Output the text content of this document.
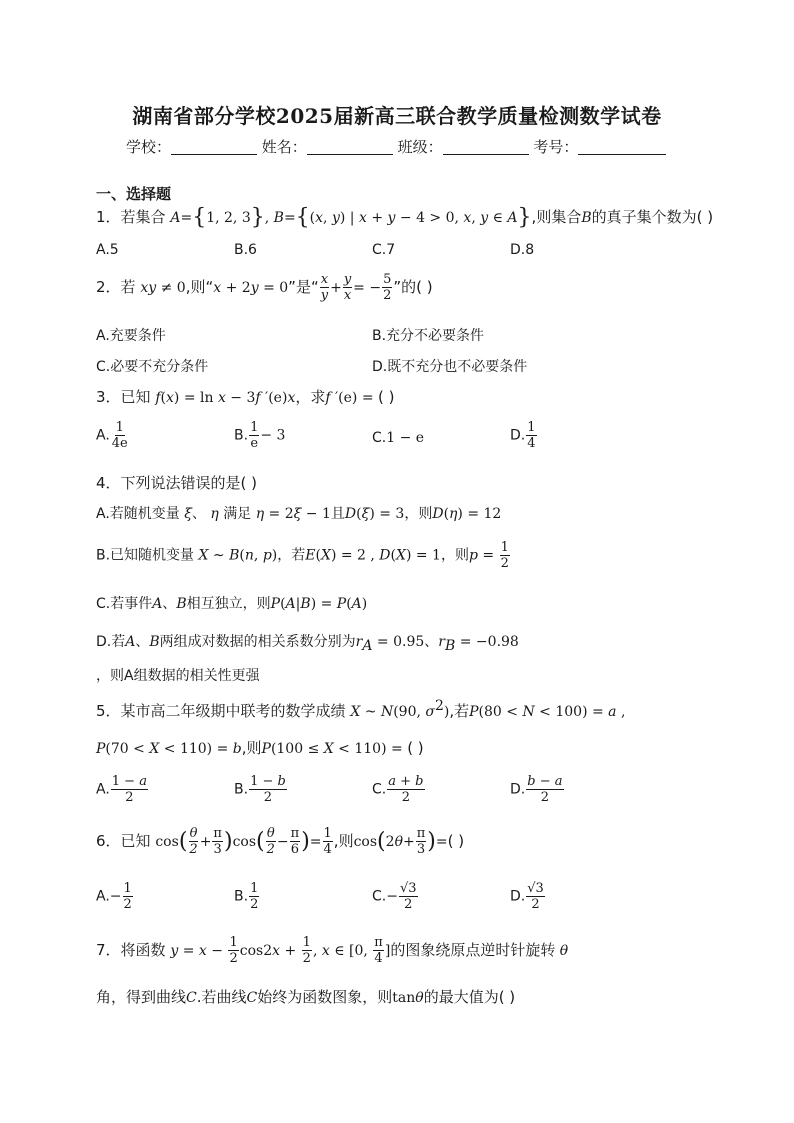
湖南省部分学校2025届新高三联合教学质量检测数学试卷
学校：	姓名：	班级：	考号：
一、选择题
1．若集合 A={1, 2, 3}, B={(x, y) | x + y − 4 > 0, x, y ∈ A},则集合B的真子集个数为( )
A.5	B.6	C.7	D.8
2．若 xy ≠ 0,则“x + 2y = 0”是“ $\frac{x}{y} + \frac{y}{x}$ = − $\frac{5}{2}$ ”的( )
A.充要条件	B.充分不必要条件
C.必要不充分条件	D.既不充分也不必要条件
3．已知 f(x) = ln x − 3f ′(e)x，求f ′(e) = ( )
A. $\frac{1}{4e}$	B. $\frac{1}{e} - 3$	C.1 − e	D. $\frac{1}{4}$
4．下列说法错误的是( )
A.若随机变量 ξ、 η 满足 η = 2ξ − 1且D(ξ) = 3，则D(η) = 12
B.已知随机变量 X ∼ B(n, p)，若E(X) = 2 , D(X) = 1，则$p = \frac{1}{2}$
C.若事件A、B相互独立，则P(A|B) = P(A)
D.若A、B两组成对数据的相关系数分别为$r_A = 0.95$、$r_B = -0.98$
，则A组数据的相关性更强
5．某市高二年级期中联考的数学成绩 X ~ N(90, $\sigma^2$),若P(80 < N < 100) = a ,
P(70 < X < 110) = b,则P(100 ≤ X < 110) = ( )
A. $\frac{1 - a}{2}$	B. $\frac{1 - b}{2}$	C. $\frac{a + b}{2}$	D. $\frac{b - a}{2}$
6．已知 $\cos( \frac{\theta}{2} + \frac{\pi}{3} )\cos( \frac{\theta}{2} - \frac{\pi}{6}$ )= $\frac{1}{4}$ ,则$\cos(2\theta+ \frac{\pi}{3}$ )=( )
$A.- \frac{1}{2}$	B. $\frac{1}{2}$	$C.- \frac{√3}{2}$	D. $\frac{√3}{2}$
7．将函数 $y = x - \frac{1}{2} \cos 2x + \frac{1}{2}$ , x ∈ [0, $\frac{\pi}{4}$ ]的图象绕原点逆时针旋转 θ
角，得到曲线C.若曲线C始终为函数图象，则tanθ的最大值为( )
